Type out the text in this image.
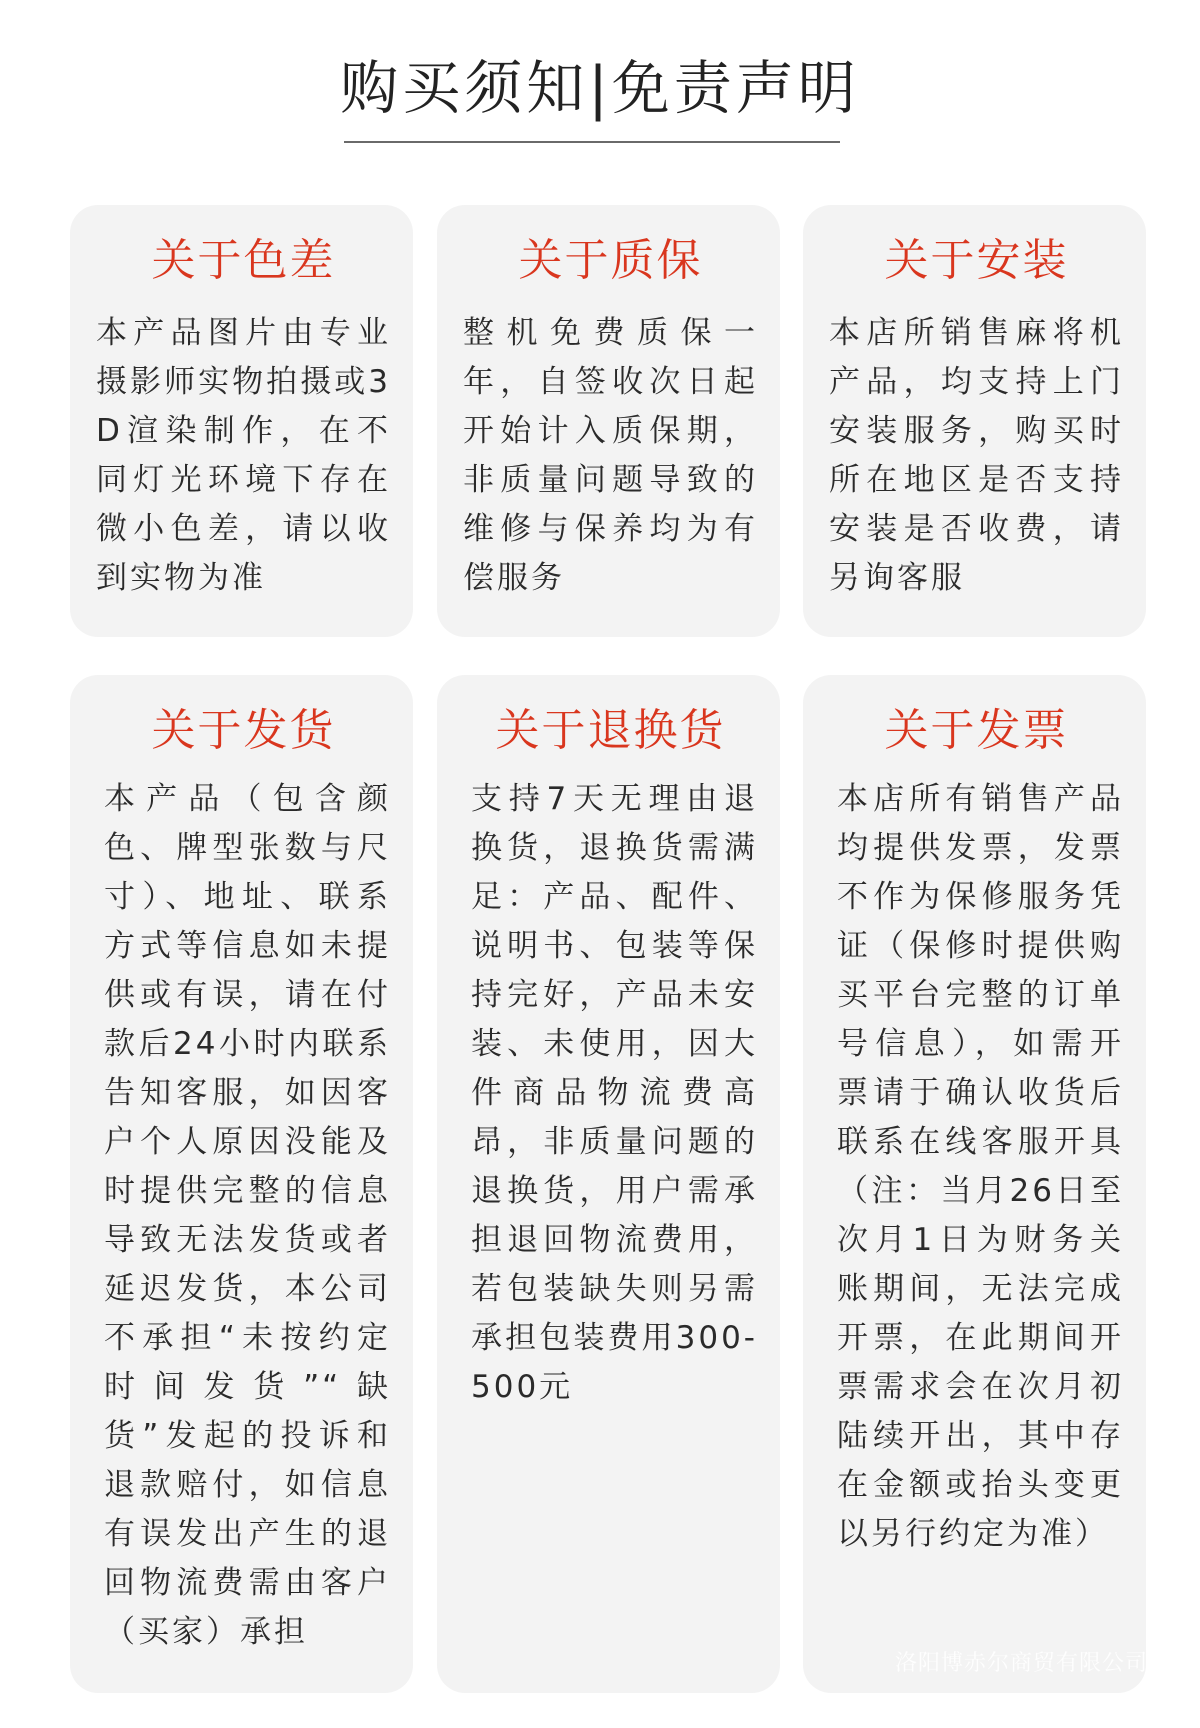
购买须知|免责声明
关于色差
本产品图片由专业摄影师实物拍摄或3D渲染制作，在不同灯光环境下存在微小色差，请以收到实物为准
关于质保
整机免费质保一年，自签收次日起开始计入质保期，非质量问题导致的维修与保养均为有偿服务
关于安装
本店所销售麻将机产品，均支持上门安装服务，购买时所在地区是否支持安装是否收费，请另询客服
关于发货
本产品（包含颜色、牌型张数与尺寸）、地址、联系方式等信息如未提供或有误，请在付款后24小时内联系告知客服，如因客户个人原因没能及时提供完整的信息导致无法发货或者延迟发货，本公司不承担“未按约定时间发货”“缺货”发起的投诉和退款赔付，如信息有误发出产生的退回物流费需由客户（买家）承担
关于退换货
支持7天无理由退换货，退换货需满足：产品、配件、说明书、包装等保持完好，产品未安装、未使用，因大件商品物流费高昂，非质量问题的退换货，用户需承担退回物流费用，若包装缺失则另需承担包装费用300-500元
关于发票
本店所有销售产品均提供发票，发票不作为保修服务凭证（保修时提供购买平台完整的订单号信息），如需开票请于确认收货后联系在线客服开具（注：当月26日至次月1日为财务关账期间，无法完成开票，在此期间开票需求会在次月初陆续开出，其中存在金额或抬头变更以另行约定为准）
洛阳博赤尔商贸有限公司
